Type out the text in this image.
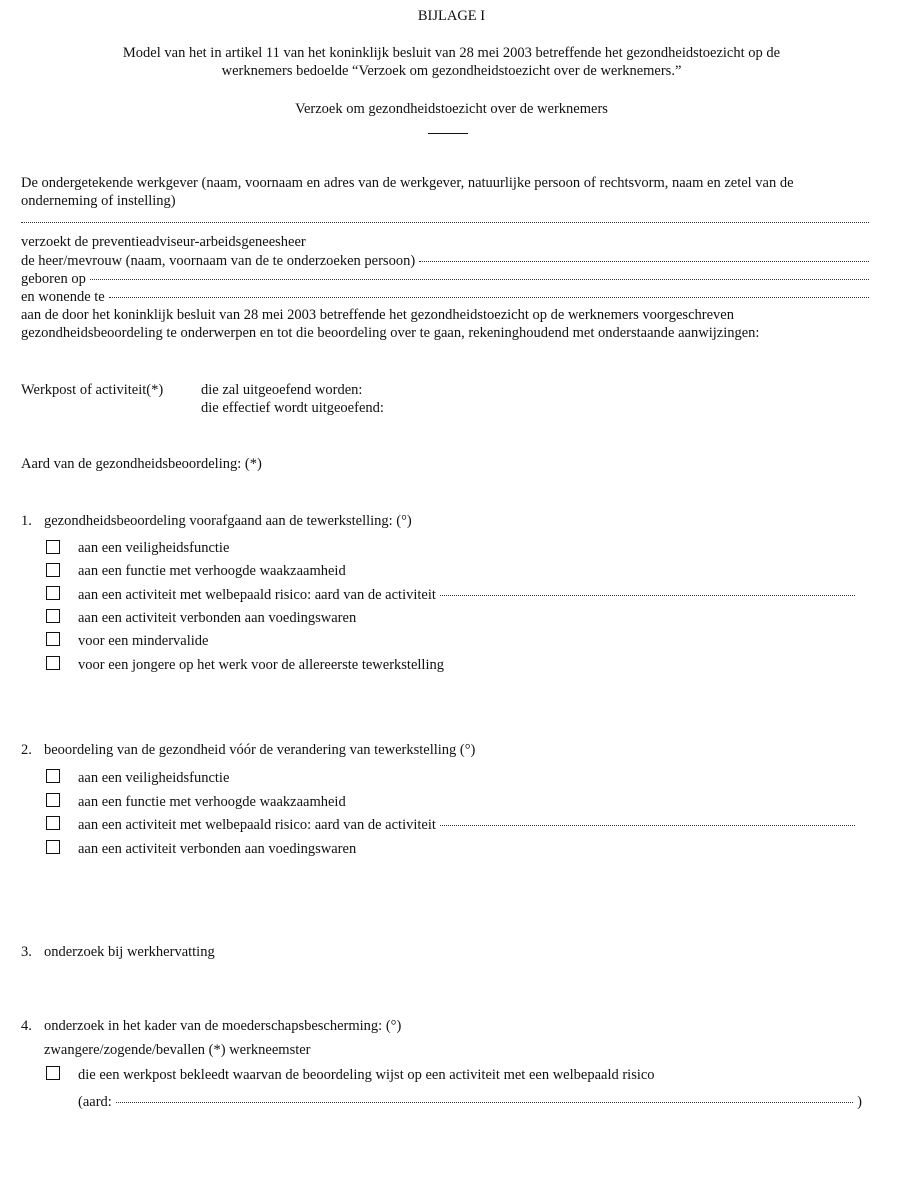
BIJLAGE I
Model van het in artikel 11 van het koninklijk besluit van 28 mei 2003 betreffende het gezondheidstoezicht op de
werknemers bedoelde “Verzoek om gezondheidstoezicht over de werknemers.”
Verzoek om gezondheidstoezicht over de werknemers
De ondergetekende werkgever (naam, voornaam en adres van de werkgever, natuurlijke persoon of rechtsvorm, naam en zetel van de
onderneming of instelling)
verzoekt de preventieadviseur-arbeidsgeneesheer
de heer/mevrouw (naam, voornaam van de te onderzoeken persoon)
geboren op
en wonende te
aan de door het koninklijk besluit van 28 mei 2003 betreffende het gezondheidstoezicht op de werknemers voorgeschreven
gezondheidsbeoordeling te onderwerpen en tot die beoordeling over te gaan, rekeninghoudend met onderstaande aanwijzingen:
Werkpost of activiteit(*)	die zal uitgeoefend worden:
die effectief wordt uitgeoefend:
Aard van de gezondheidsbeoordeling: (*)
1. gezondheidsbeoordeling voorafgaand aan de tewerkstelling: (°)
aan een veiligheidsfunctie
aan een functie met verhoogde waakzaamheid
aan een activiteit met welbepaald risico: aard van de activiteit
aan een activiteit verbonden aan voedingswaren
voor een mindervalide
voor een jongere op het werk voor de allereerste tewerkstelling
2. beoordeling van de gezondheid vóór de verandering van tewerkstelling (°)
aan een veiligheidsfunctie
aan een functie met verhoogde waakzaamheid
aan een activiteit met welbepaald risico: aard van de activiteit
aan een activiteit verbonden aan voedingswaren
3. onderzoek bij werkhervatting
4. onderzoek in het kader van de moederschapsbescherming: (°)
zwangere/zogende/bevallen (*) werkneemster
die een werkpost bekleedt waarvan de beoordeling wijst op een activiteit met een welbepaald risico
(aard:	)
